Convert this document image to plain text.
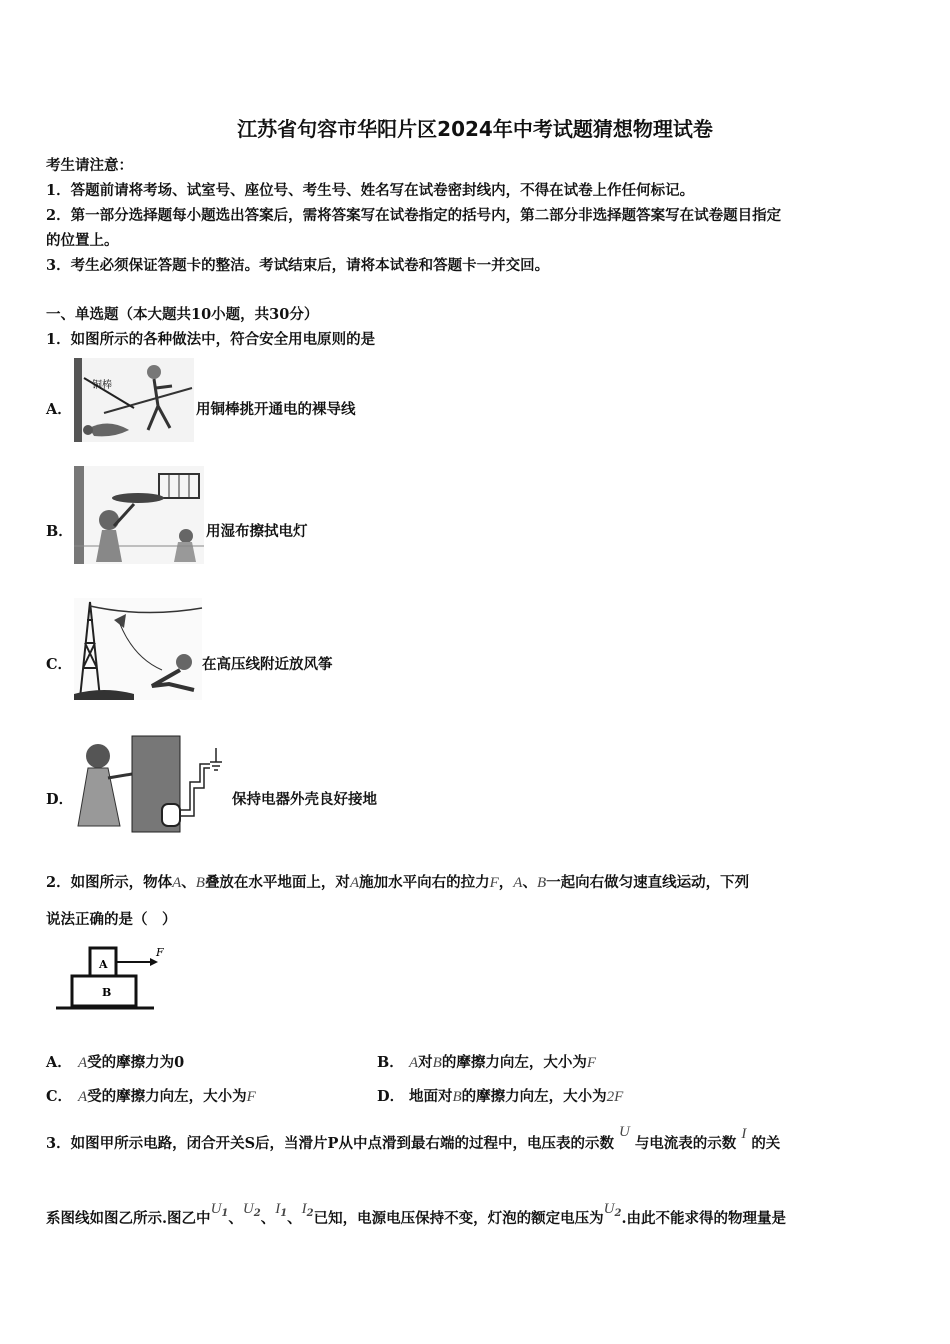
江苏省句容市华阳片区2024年中考试题猜想物理试卷
考生请注意：
1．答题前请将考场、试室号、座位号、考生号、姓名写在试卷密封线内，不得在试卷上作任何标记。
2．第一部分选择题每小题选出答案后，需将答案写在试卷指定的括号内，第二部分非选择题答案写在试卷题目指定
的位置上。
3．考生必须保证答题卡的整洁。考试结束后，请将本试卷和答题卡一并交回。
一、单选题（本大题共10小题，共30分）
1．如图所示的各种做法中，符合安全用电原则的是
A．
铜棒
用铜棒挑开通电的裸导线
B．	用湿布擦拭电灯
C．	在高压线附近放风筝
D．	保持电器外壳良好接地
2．如图所示，物体A、B叠放在水平地面上，对A施加水平向右的拉力F，A、B一起向右做匀速直线运动，下列
说法正确的是（　）
A
B
F
A． A受的摩擦力为0	B． A对B的摩擦力向左，大小为F
C． A受的摩擦力向左，大小为F	D． 地面对B的摩擦力向左，大小为2F
3．如图甲所示电路，闭合开关S后，当滑片P从中点滑到最右端的过程中，电压表的示数U与电流表的示数I的关
系图线如图乙所示.图乙中$U_1$、$U_2$、$I_1$、$I_2$已知，电源电压保持不变，灯泡的额定电压为$U_2$.由此不能求得的物理量是
